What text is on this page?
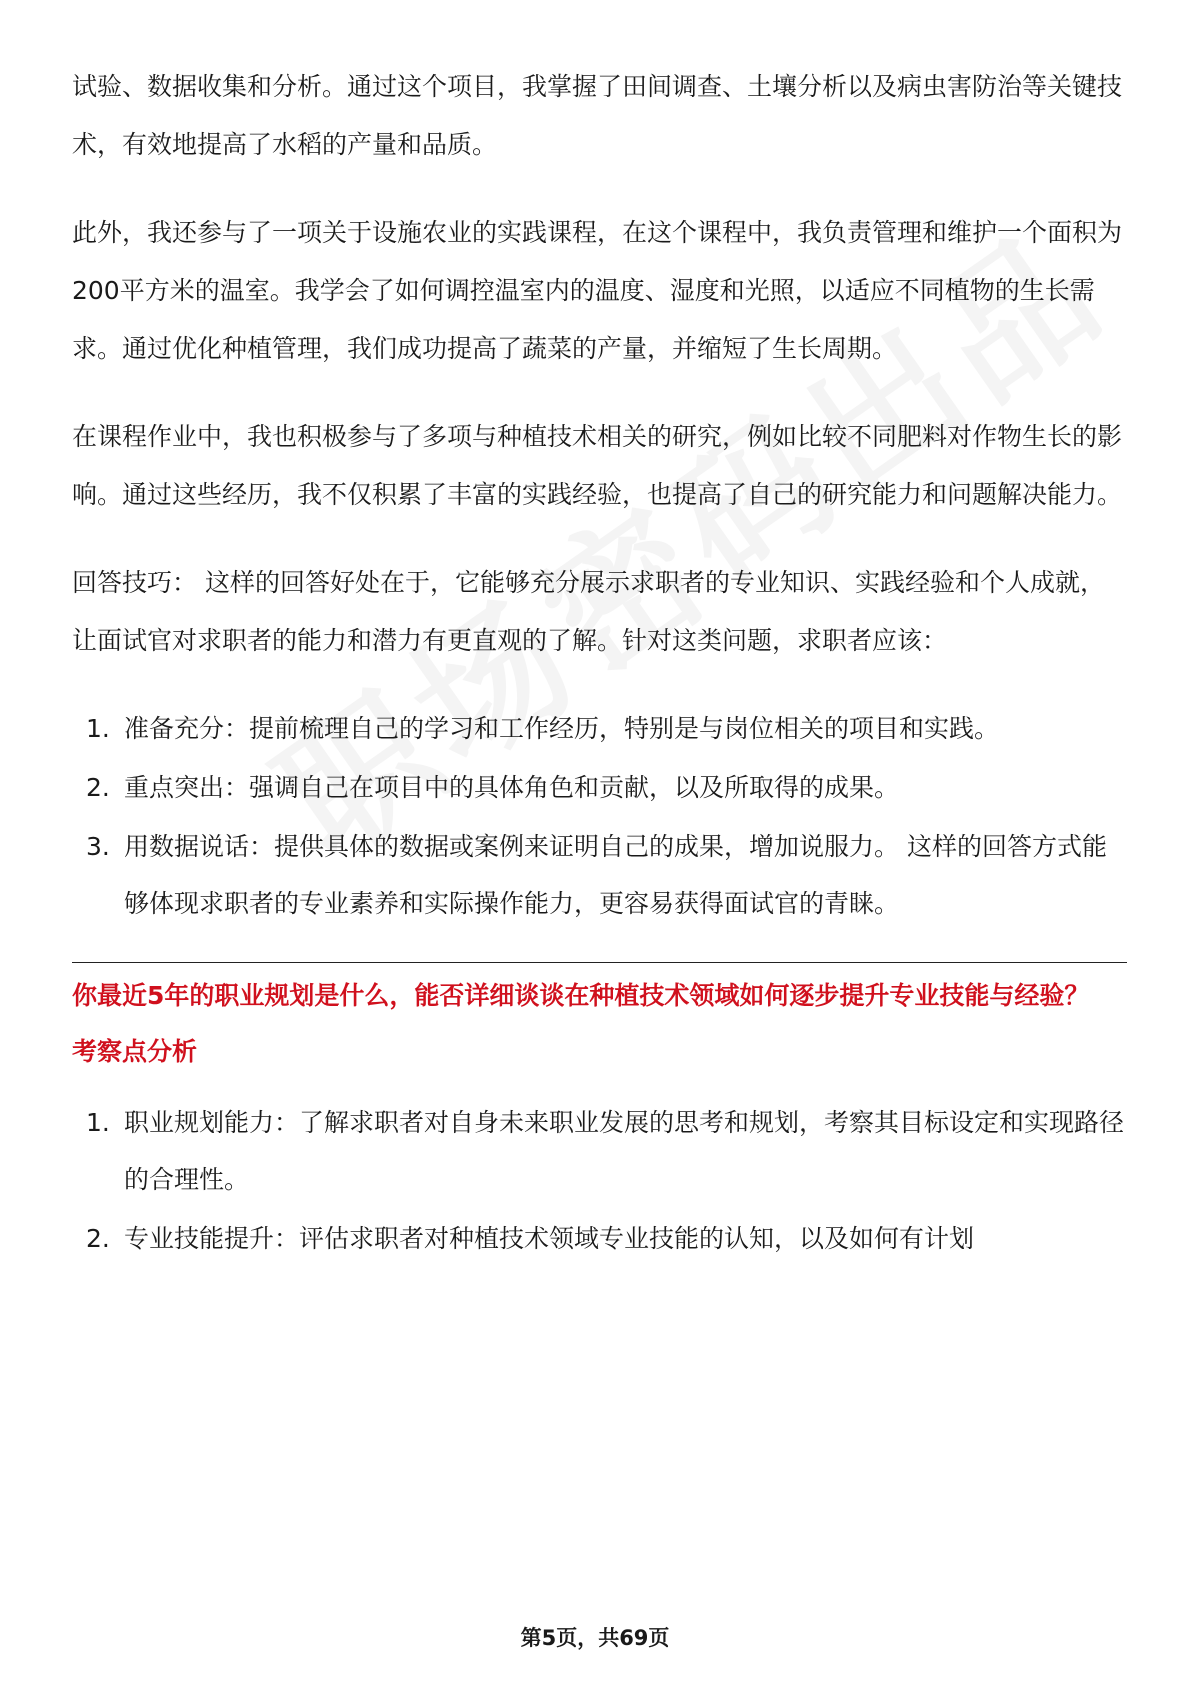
试验、数据收集和分析。通过这个项目，我掌握了田间调查、土壤分析以及病虫害防治等关键技术，有效地提高了水稻的产量和品质。

此外，我还参与了一项关于设施农业的实践课程，在这个课程中，我负责管理和维护一个面积为200平方米的温室。我学会了如何调控温室内的温度、湿度和光照，以适应不同植物的生长需求。通过优化种植管理，我们成功提高了蔬菜的产量，并缩短了生长周期。

在课程作业中，我也积极参与了多项与种植技术相关的研究，例如比较不同肥料对作物生长的影响。通过这些经历，我不仅积累了丰富的实践经验，也提高了自己的研究能力和问题解决能力。

回答技巧： 这样的回答好处在于，它能够充分展示求职者的专业知识、实践经验和个人成就，让面试官对求职者的能力和潜力有更直观的了解。针对这类问题，求职者应该：

1. 准备充分：提前梳理自己的学习和工作经历，特别是与岗位相关的项目和实践。
2. 重点突出：强调自己在项目中的具体角色和贡献，以及所取得的成果。
3. 用数据说话：提供具体的数据或案例来证明自己的成果，增加说服力。 这样的回答方式能够体现求职者的专业素养和实际操作能力，更容易获得面试官的青睐。

你最近5年的职业规划是什么，能否详细谈谈在种植技术领域如何逐步提升专业技能与经验？

考察点分析

1. 职业规划能力：了解求职者对自身未来职业发展的思考和规划，考察其目标设定和实现路径的合理性。
2. 专业技能提升：评估求职者对种植技术领域专业技能的认知，以及如何有计划
第5页，共69页
